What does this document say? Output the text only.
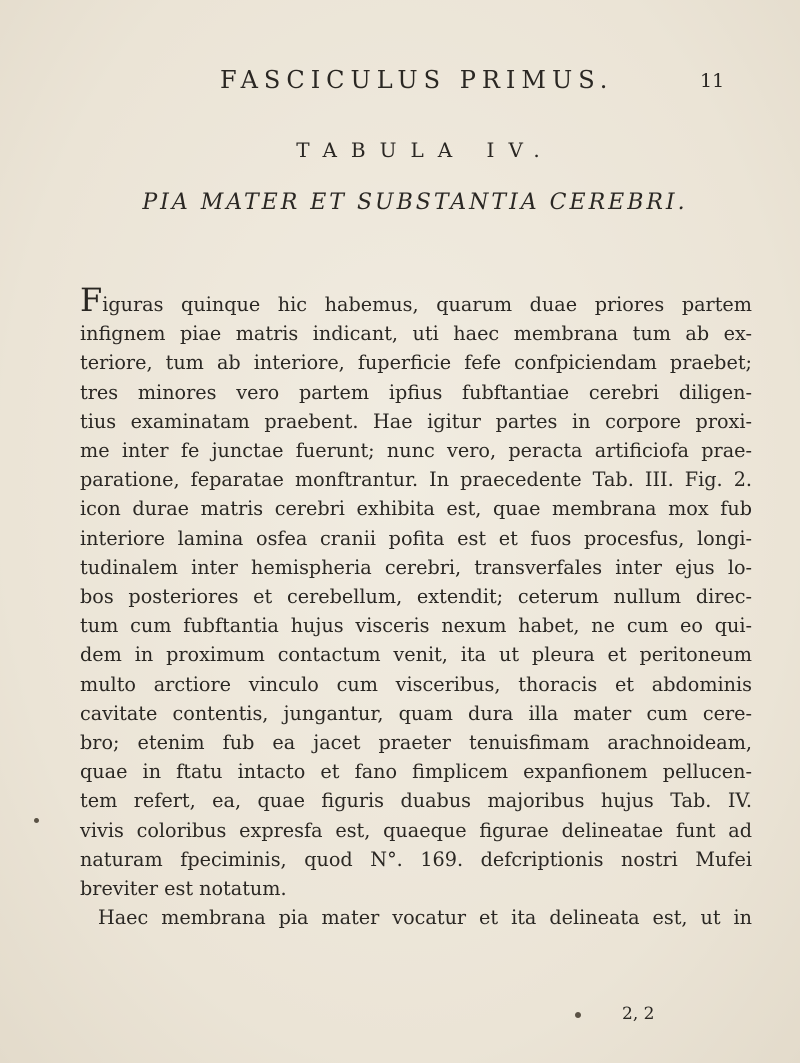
FASCICULUS PRIMUS.	11
TABULA IV.
PIA MATER ET SUBSTANTIA CEREBRI.
Figuras quinque hic habemus, quarum duae priores partem
infignem piae matris indicant, uti haec membrana tum ab ex-
teriore, tum ab interiore, fuperficie fefe confpiciendam praebet;
tres minores vero partem ipfius fubftantiae cerebri diligen-
tius examinatam praebent. Hae igitur partes in corpore proxi-
me inter fe junctae fuerunt; nunc vero, peracta artificiofa prae-
paratione, feparatae monftrantur. In praecedente Tab. III. Fig. 2.
icon durae matris cerebri exhibita est, quae membrana mox fub
interiore lamina osfea cranii pofita est et fuos procesfus, longi-
tudinalem inter hemispheria cerebri, transverfales inter ejus lo-
bos posteriores et cerebellum, extendit; ceterum nullum direc-
tum cum fubftantia hujus visceris nexum habet, ne cum eo qui-
dem in proximum contactum venit, ita ut pleura et peritoneum
multo arctiore vinculo cum visceribus, thoracis et abdominis
cavitate contentis, jungantur, quam dura illa mater cum cere-
bro; etenim fub ea jacet praeter tenuisfimam arachnoideam,
quae in ftatu intacto et fano fimplicem expanfionem pellucen-
tem refert, ea, quae figuris duabus majoribus hujus Tab. IV.
vivis coloribus expresfa est, quaeque figurae delineatae funt ad
naturam fpeciminis, quod N°. 169. defcriptionis nostri Mufei
breviter est notatum.
Haec membrana pia mater vocatur et ita delineata est, ut in
2, 2
